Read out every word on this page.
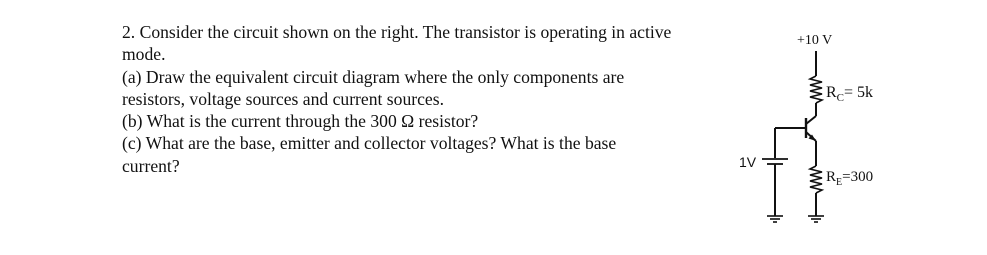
2. Consider the circuit shown on the right. The transistor is operating in active
mode.
(a) Draw the equivalent circuit diagram where the only components are
resistors, voltage sources and current sources.
(b) What is the current through the 300 Ω resistor?
(c) What are the base, emitter and collector voltages? What is the base
current?
+10 V
$R_C= 5k$
1V
$R_E=300$
